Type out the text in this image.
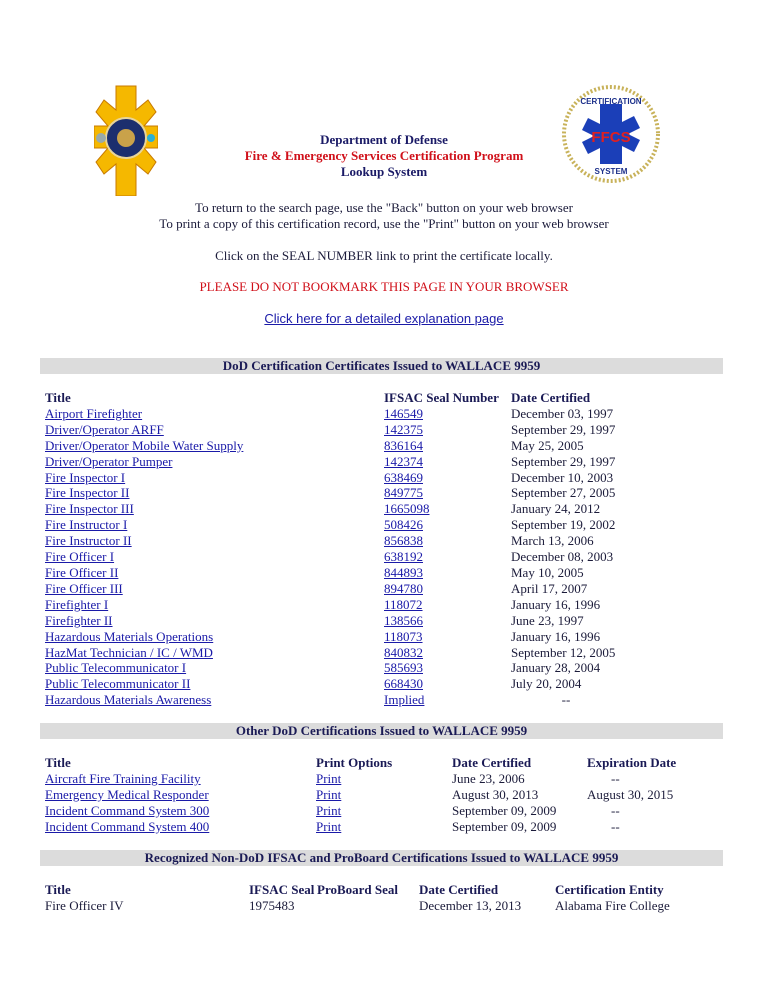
FFCS
CERTIFICATION
SYSTEM
Department of Defense
Fire & Emergency Services Certification Program
Lookup System
To return to the search page, use the "Back" button on your web browser
To print a copy of this certification record, use the "Print" button on your web browser
Click on the SEAL NUMBER link to print the certificate locally.
PLEASE DO NOT BOOKMARK THIS PAGE IN YOUR BROWSER
Click here for a detailed explanation page
DoD Certification Certificates Issued to WALLACE 9959
Title	IFSAC Seal Number	Date Certified
Airport Firefighter	146549	December 03, 1997
Driver/Operator ARFF	142375	September 29, 1997
Driver/Operator Mobile Water Supply	836164	May 25, 2005
Driver/Operator Pumper	142374	September 29, 1997
Fire Inspector I	638469	December 10, 2003
Fire Inspector II	849775	September 27, 2005
Fire Inspector III	1665098	January 24, 2012
Fire Instructor I	508426	September 19, 2002
Fire Instructor II	856838	March 13, 2006
Fire Officer I	638192	December 08, 2003
Fire Officer II	844893	May 10, 2005
Fire Officer III	894780	April 17, 2007
Firefighter I	118072	January 16, 1996
Firefighter II	138566	June 23, 1997
Hazardous Materials Operations	118073	January 16, 1996
HazMat Technician / IC / WMD	840832	September 12, 2005
Public Telecommunicator I	585693	January 28, 2004
Public Telecommunicator II	668430	July 20, 2004
Hazardous Materials Awareness	Implied	--
Other DoD Certifications Issued to WALLACE 9959
Title	Print Options	Date Certified	Expiration Date
Aircraft Fire Training Facility	Print	June 23, 2006	--
Emergency Medical Responder	Print	August 30, 2013	August 30, 2015
Incident Command System 300	Print	September 09, 2009	--
Incident Command System 400	Print	September 09, 2009	--
Recognized Non-DoD IFSAC and ProBoard Certifications Issued to WALLACE 9959
Title	IFSAC Seal	ProBoard Seal	Date Certified	Certification Entity
Fire Officer IV	1975483		December 13, 2013	Alabama Fire College
